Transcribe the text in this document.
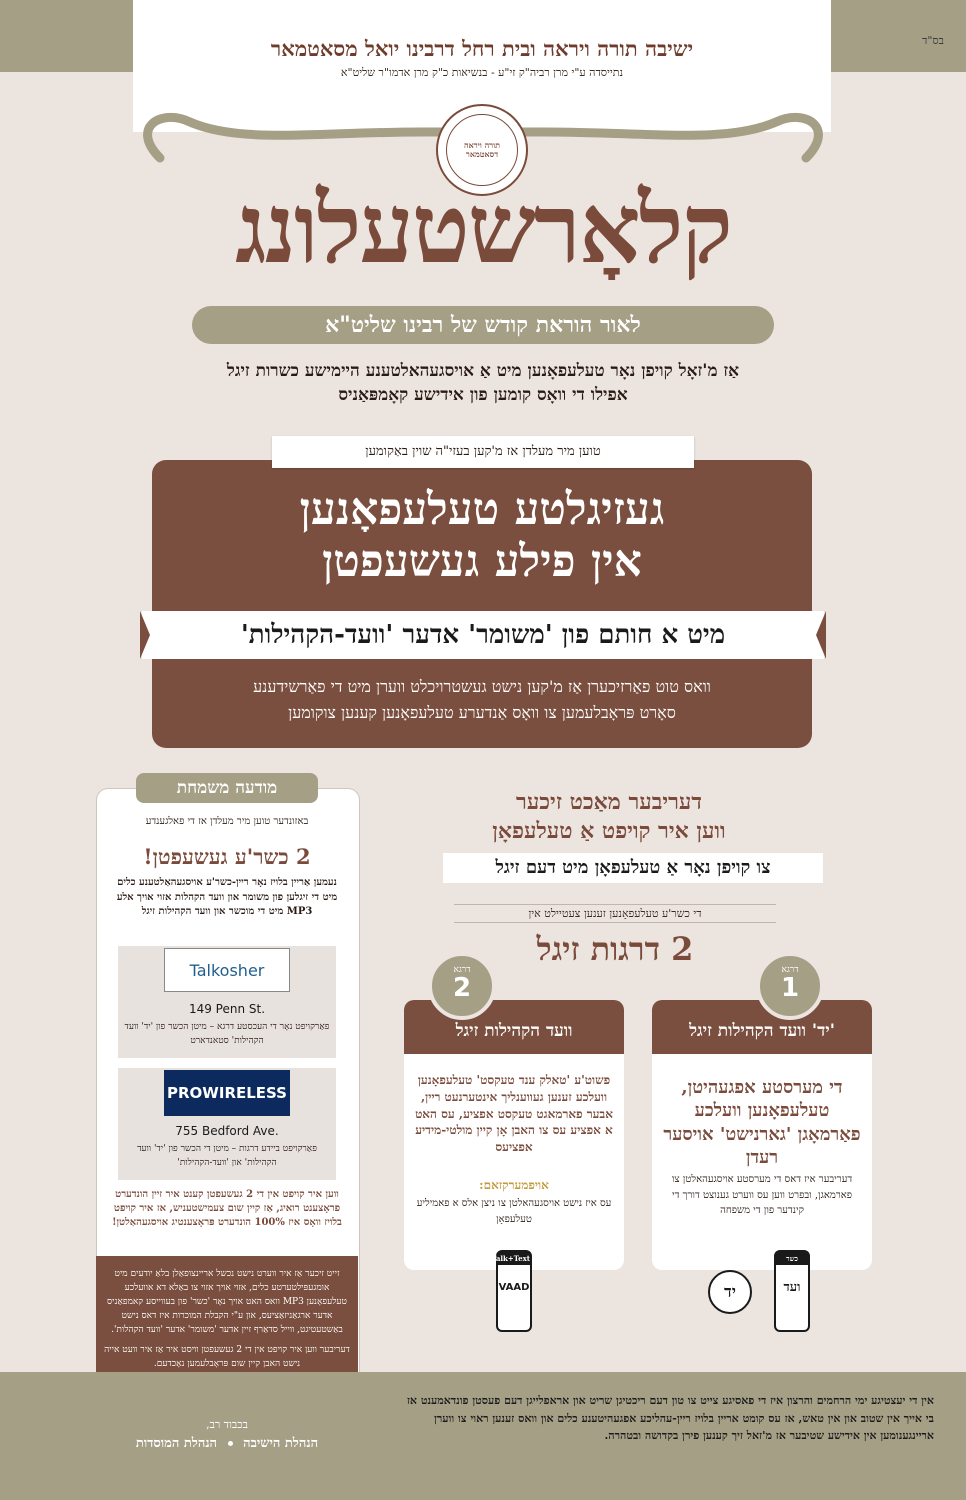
בס"ד
ישיבה תורה ויראה ובית רחל דרבינו יואל מסאטמאר
נתייסדה ע"י מרן רביה"ק זי"ע - בנשיאות כ"ק מרן אדמו"ר שליט"א
תורה ויראה דסאטמאר
קלאָרשטעלונג
לאור הוראת קודש של רבינו שליט"א
אַז מ'זאָל קויפן נאָר טעלעפאָנען מיט אַ אויסגעהאלטענע היימישע כשרות זיגל
אפילו די וואָס קומען פון אידישע קאָמפּאַניס
טוען מיר מעלדן אז מ'קען בעזי"ה שוין באַקומען
געזיגלטע טעלעפאָנען
אין פילע געשעפטן
מיט א חותם פון 'משומר' אדער 'וועד-הקהילות'
וואס טוט פאַרזיכערן אַז מ'קען נישט געשטרויכלט ווערן מיט די פאַרשידענע
סאָרט פּראָבלעמען צו וואָס אַנדערע טעלעפאָנען קענען צוקומען
מודעה משמחת
באזונדער טוען מיר מעלדן אז די פאלגענדע
2 כשר'ע געשעפטן!
נעמען אַריין בלויז נאָר ריין-כשר'ע אויסגעהאַלטענע כלים מיט די זיגלען פון משומר און וועד הקהלות אזוי אויך אלע MP3 מיט די מוכשר און וועד הקהילות זיגל
Talkosher
149 Penn St.
פאַרקויפט נאָר די העכסטע דרגא – מיטן הכשר פון 'יד' וועד הקהילות' סטאנדארט
PROWIRELESS
755 Bedford Ave.
פאַרקויפט ביידע דרגות – מיטן די הכשר פון 'יד' וועד הקהילות' און 'וועד-הקהילות'
ווען איר קויפט אין די 2 געשעפטן קענט איר זיין הונדערט פראָצענט רואיג, אַז קיין שום צעמישטעניש, אז איר קויפט בלויז וואָס איז 100% הונדערט פּראָצענטיג אויסגעהאַלטן!
זייט זיכער אַז איר ווערט נישט נכשל אריינצופאַלן בלאַ יודעים מיט אומגעפּילטערטע כלים, אזוי אויך אזוי צו באַלא דא אוועלכע טעלעפאָנען MP3 וואס האט אויך נאָר 'כשר' פון בעווייסע קאמפאַניס אדער ארגאַניזאַציעס, און ע"י הקבלת המוכרות איז דאס נישט באַשטעטיגט, ווייל סדאַרף זיין אדער 'משומר' אדער 'וועד הקהלות'.
דעריבער ווען איר קויפט אין די 2 געשעפטן וויסט איר אַז איר וועט אייה נישט האבן קיין שום פּראָבלעמען נאָכדעם.
דעריבער מאַכט זיכער
ווען איר קויפט אַ טעלעפאָן
צו קויפן נאָר אַ טעלעפאָן מיט דעם זיגל
די כשר'ע טעלעפאָנען זענען צעטיילט אין
2 דרגות זיגל
'יד' וועד הקהילות זיגל
דרגא
1
די מערסטע אפגעהיטן, טעלעפאָנען וועלכע פאַרמאָגן 'גארנישט' אויסער רעדן
דעריבער איז דאס די מערסטע אויסגעהאלטן צו פארמאגן, ובפרט ווען עס ווערט גענוצט דורך די קינדער פון די משפחה
כשר
ועד
יד
וועד הקהילות זיגל
דרגא
2
פשוט'ע 'טאלק ענד טעקסט' טעלעפאָנען וועלכע זענען געווענליך אינטערנעט ריין, אבער פארמאגט טעקסט אפציע, עס האט א אפציע עס צו האבן אָן קיין מולטי-מידיע אפציעס
אויפמערקזאם:
עס איז נישט אויסגעהאלטן צו ניצן אלס א פאמיליע טעלעפאָן
Talk+Text
VAAD
אין די יעצטיגע ימי הרחמים והרצון איז די פאסיגע צייט צו טון דעם ריכטיגן שריט און אראפלייגן דעם פעסטן פונדאמענט אז בי אייך אין שטוב און אין טאש, אז עס קומט אריין בלויז ריין-עהליכע אפגעהיטענע כלים און וואס זענען ראוי צו ווערן אריינגענומען אין אידישע שטיבער אז מ'זאל זיך קענען פירן בקדושה ובטהרה.
בכבוד רב,
הנהלת הישיבה  הנהלת המוסדות
